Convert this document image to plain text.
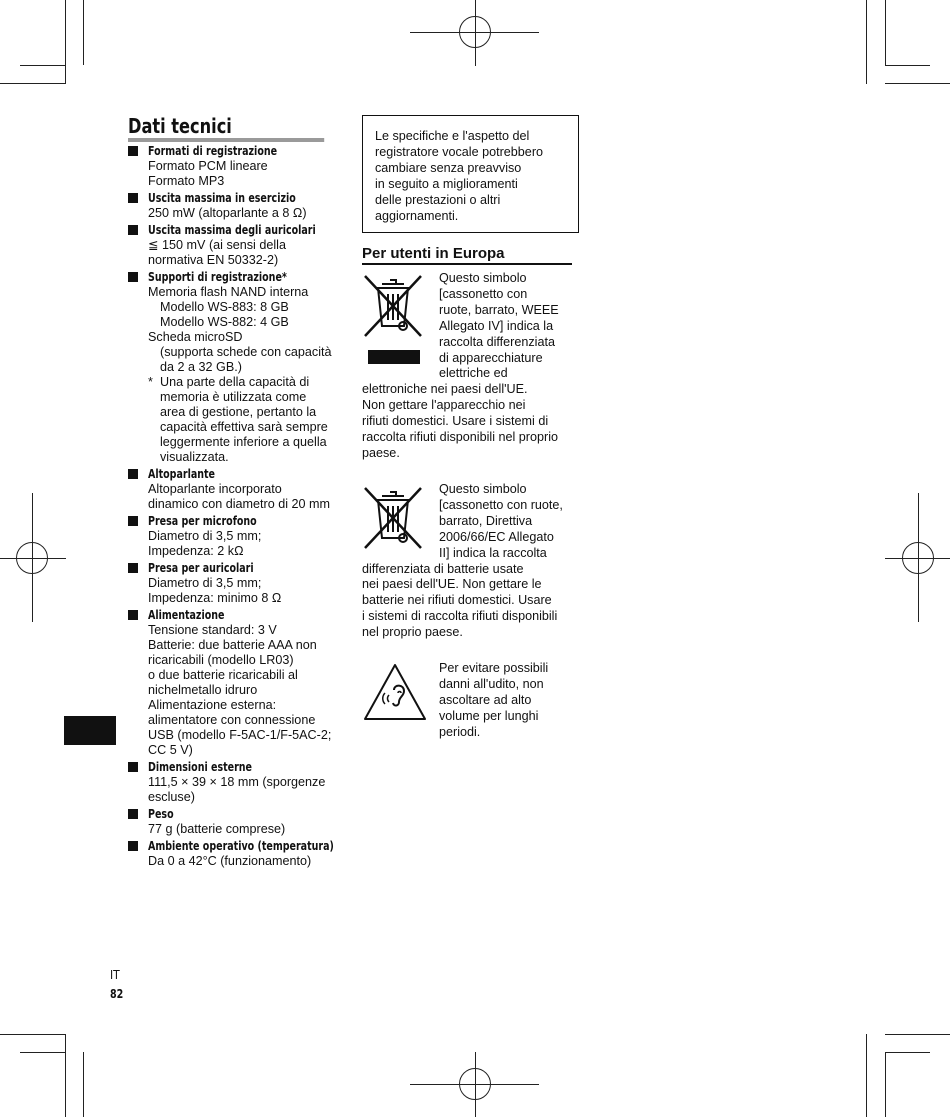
Dati tecnici
Formati di registrazione
Formato PCM lineare
Formato MP3
Uscita massima in esercizio
250 mW (altoparlante a 8 Ω)
Uscita massima degli auricolari
≦ 150 mV (ai sensi della
normativa EN 50332-2)
Supporti di registrazione*
Memoria flash NAND interna
Modello WS-883: 8 GB
Modello WS-882: 4 GB
Scheda microSD
(supporta schede con capacità
da 2 a 32 GB.)
* Una parte della capacità di
memoria è utilizzata come
area di gestione, pertanto la
capacità effettiva sarà sempre
leggermente inferiore a quella
visualizzata.
Altoparlante
Altoparlante incorporato
dinamico con diametro di 20 mm
Presa per microfono
Diametro di 3,5 mm;
Impedenza: 2 kΩ
Presa per auricolari
Diametro di 3,5 mm;
Impedenza: minimo 8 Ω
Alimentazione
Tensione standard: 3 V
Batterie: due batterie AAA non
ricaricabili (modello LR03)
o due batterie ricaricabili al
nichelmetallo idruro
Alimentazione esterna:
alimentatore con connessione
USB (modello F-5AC-1/F-5AC-2;
CC 5 V)
Dimensioni esterne
111,5 × 39 × 18 mm (sporgenze
escluse)
Peso
77 g (batterie comprese)
Ambiente operativo (temperatura)
Da 0 a 42°C (funzionamento)
Le specifiche e l'aspetto del
registratore vocale potrebbero
cambiare senza preavviso
in seguito a miglioramenti
delle prestazioni o altri
aggiornamenti.
Per utenti in Europa
Questo simbolo
[cassonetto con
ruote, barrato, WEEE
Allegato IV] indica la
raccolta differenziata
di apparecchiature
elettriche ed
elettroniche nei paesi dell'UE.
Non gettare l'apparecchio nei
rifiuti domestici. Usare i sistemi di
raccolta rifiuti disponibili nel proprio
paese.
Questo simbolo
[cassonetto con ruote,
barrato, Direttiva
2006/66/EC Allegato
II] indica la raccolta
differenziata di batterie usate
nei paesi dell'UE. Non gettare le
batterie nei rifiuti domestici. Usare
i sistemi di raccolta rifiuti disponibili
nel proprio paese.
Per evitare possibili
danni all'udito, non
ascoltare ad alto
volume per lunghi
periodi.
IT
82
